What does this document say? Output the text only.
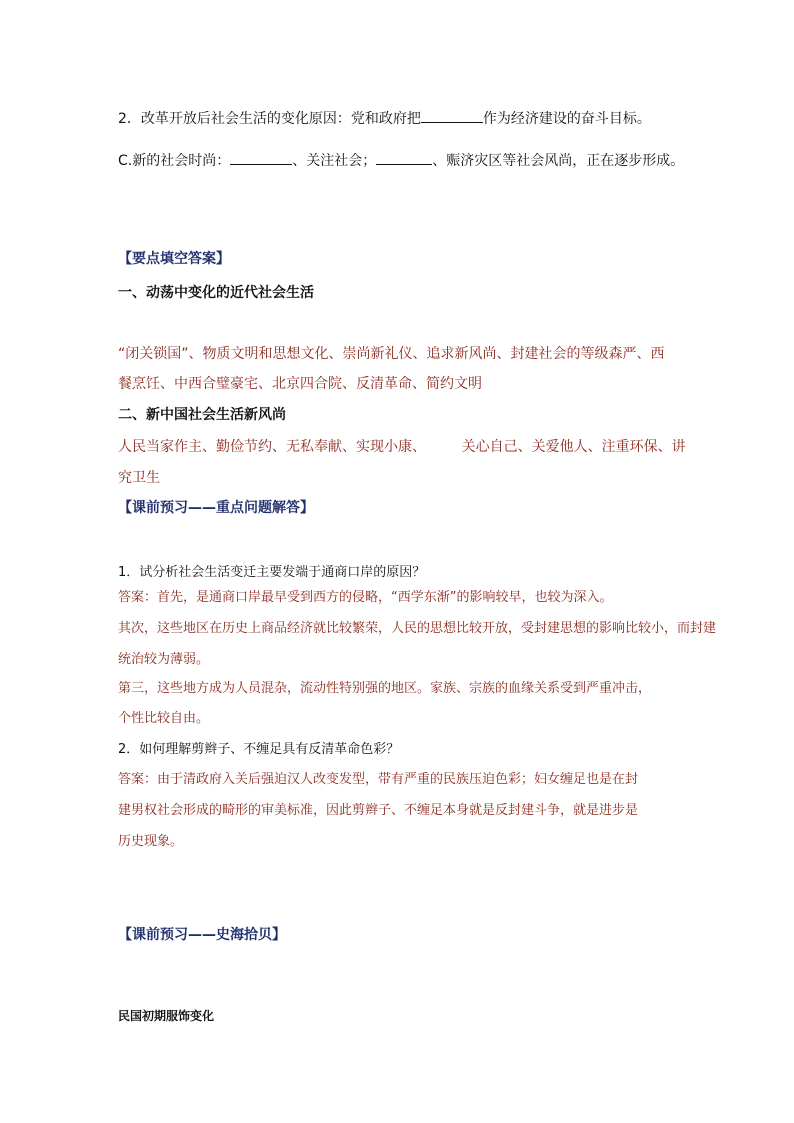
2．改革开放后社会生活的变化原因：党和政府把	作为经济建设的奋斗目标。
C.新的社会时尚：	、关注社会；	、赈济灾区等社会风尚，正在逐步形成。
【要点填空答案】
一、动荡中变化的近代社会生活
“闭关锁国”、物质文明和思想文化、崇尚新礼仪、追求新风尚、封建社会的等级森严、西
餐烹饪、中西合璧豪宅、北京四合院、反清革命、简约文明
二、新中国社会生活新风尚
人民当家作主、勤俭节约、无私奉献、实现小康、        关心自己、关爱他人、注重环保、讲
究卫生
【课前预习——重点问题解答】
1．试分析社会生活变迁主要发端于通商口岸的原因？
答案：首先，是通商口岸最早受到西方的侵略，“西学东渐”的影响较早，也较为深入。
其次，这些地区在历史上商品经济就比较繁荣，人民的思想比较开放，受封建思想的影响比较小，而封建
统治较为薄弱。
第三，这些地方成为人员混杂，流动性特别强的地区。家族、宗族的血缘关系受到严重冲击，
个性比较自由。
2．如何理解剪辫子、不缠足具有反清革命色彩？
答案：由于清政府入关后强迫汉人改变发型，带有严重的民族压迫色彩；妇女缠足也是在封
建男权社会形成的畸形的审美标准，因此剪辫子、不缠足本身就是反封建斗争，就是进步是
历史现象。
【课前预习——史海拾贝】
民国初期服饰变化
